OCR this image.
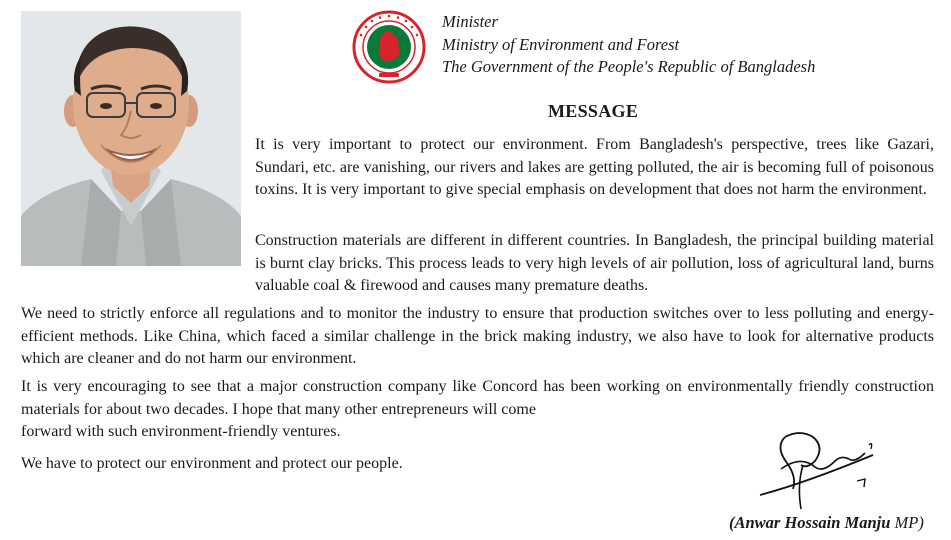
Minister
Ministry of Environment and Forest
The Government of the People's Republic of Bangladesh
MESSAGE

It is very important to protect our environment. From Bangladesh's perspective, trees like Gazari, Sundari, etc. are vanishing, our rivers and lakes are getting polluted, the air is becoming full of poisonous toxins. It is very important to give special emphasis on development that does not harm the environment.

Construction materials are different in different countries. In Bangladesh, the principal building material is burnt clay bricks. This process leads to very high levels of air pollution, loss of agricultural land, burns valuable coal & firewood and causes many premature deaths.

We need to strictly enforce all regulations and to monitor the industry to ensure that production switches over to less polluting and energy-efficient methods. Like China, which faced a similar challenge in the brick making industry, we also have to look for alternative products which are cleaner and do not harm our environment.

It is very encouraging to see that a major construction company like Concord has been working on environmentally friendly construction materials for about two decades. I hope that many other entrepreneurs will come
forward with such environment-friendly ventures.

We have to protect our environment and protect our people.

(Anwar Hossain Manju MP)
